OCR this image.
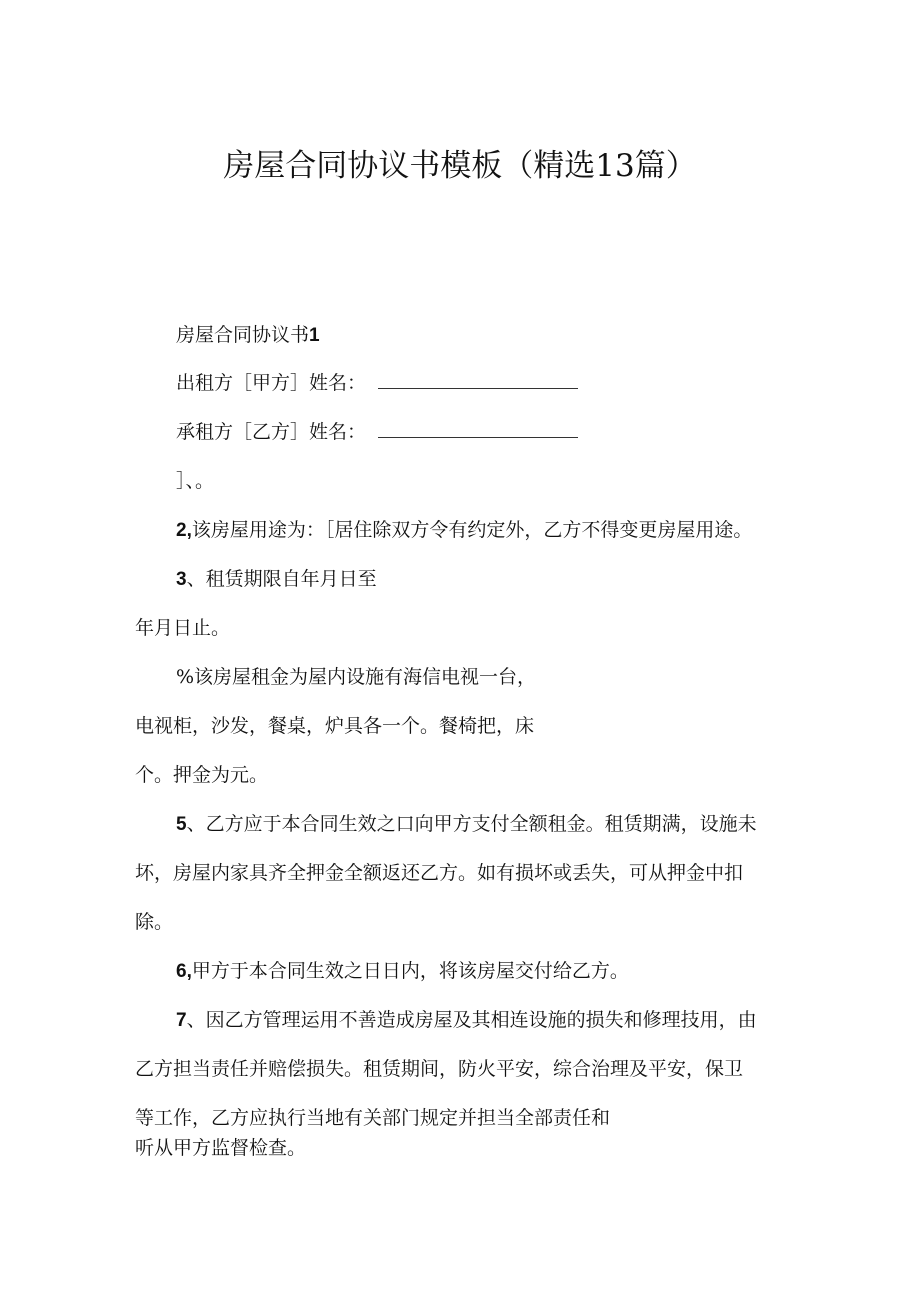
房屋合同协议书模板（精选13篇）
房屋合同协议书1
出租方［甲方］姓名：
承租方［乙方］姓名：
］、。
2,该房屋用途为：［居住除双方令有约定外，乙方不得变更房屋用途。
3、租赁期限自年月日至
年月日止。
%该房屋租金为屋内设施有海信电视一台，
电视柜，沙发，餐桌，炉具各一个。餐椅把，床
个。押金为元。
5、乙方应于本合同生效之口向甲方支付全额租金。租赁期满，设施未
坏，房屋内家具齐全押金全额返还乙方。如有损坏或丢失，可从押金中扣
除。
6,甲方于本合同生效之日日内，将该房屋交付给乙方。
7、因乙方管理运用不善造成房屋及其相连设施的损失和修理技用，由
乙方担当责任并赔偿损失。租赁期间，防火平安，综合治理及平安，保卫
等工作，乙方应执行当地有关部门规定并担当全部责任和
听从甲方监督检查。
